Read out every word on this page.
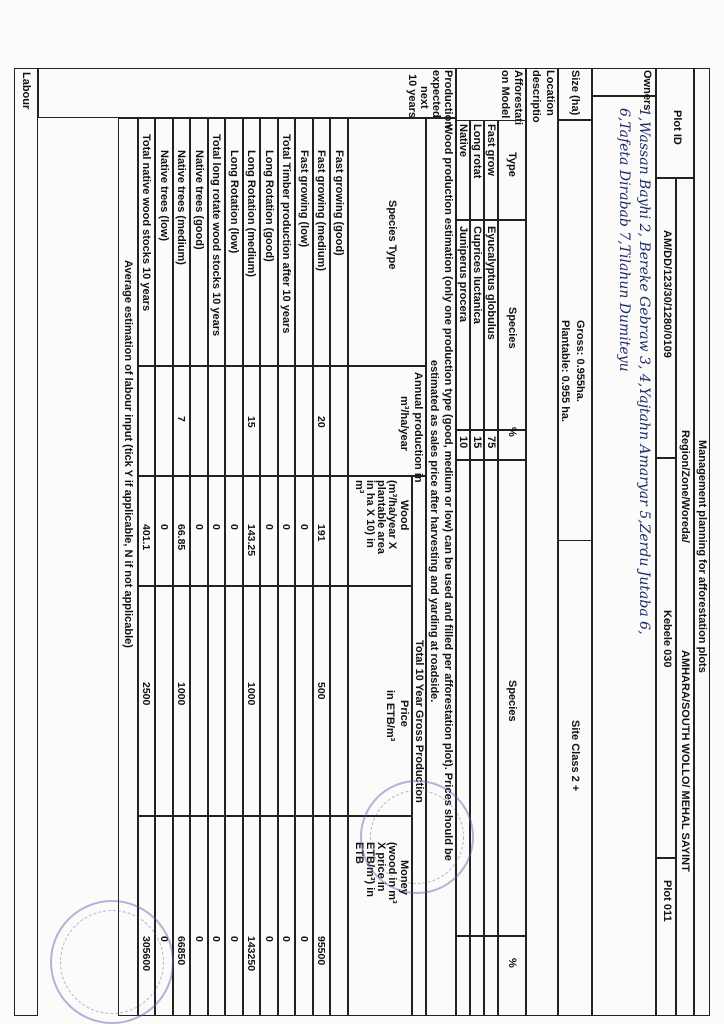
Management planning for afforestation plots
Plot ID
Region/Zone/Woreda/
AMHARA/SOUTH WOLLO/ MEHAL SAYINT
AM/DD/123/30/1280/0109
Kebele 030
Plot 011
Owners
1,Wassan Bayhi 2, Bereke Gebraw 3, 4,Yajtahn Amaryar 5,Zerdu Jutaba 6,
6,Tafeta Dirabab 7,Tilahun Dumiteyu
Size (ha)
Gross: 0.955ha.
Plantable: 0.955 ha.
Site Class 2 +
Location
descriptio
Afforestati
on Model
Type
Species
%
Species
%
Fast grow
Eyucalyptus globulus
75
Long rotat
Cuprices luctanica
15
Native
Juniperus procera
10
Production
expected
next
10 years
Wood production estimation (only one production type (good, medium or low) can be used and filled per afforestation plot). Prices should be
estimated as sales price after harvesting and yarding at roadside.
Species Type
Annual production in
m³/ha/year
Total 10 Year Gross Production
Wood
(m³/ha/year X
plantable area
in ha X 10) in
m³
Price
in ETB/m³
Money
(wood in m³
X price in
ETB/m³) in
ETB
Fast growing (good)
Fast growing (medium)
20
191
500
95500
Fast growing (low)
0
0
Total Timber production after 10 years
0
0
Long Rotation (good)
0
0
Long Rotation (medium)
15
143.25
1000
143250
Long Rotation (low)
0
0
Total long rotate wood stocks 10 years
0
0
Native trees (good)
0
0
Native trees (medium)
7
66.85
1000
66850
Native trees (low)
0
0
Total native wood stocks 10 years
401.1
2500
305600
Average estimation of labour input (tick Y if applicable, N if not applicable)
Labour
